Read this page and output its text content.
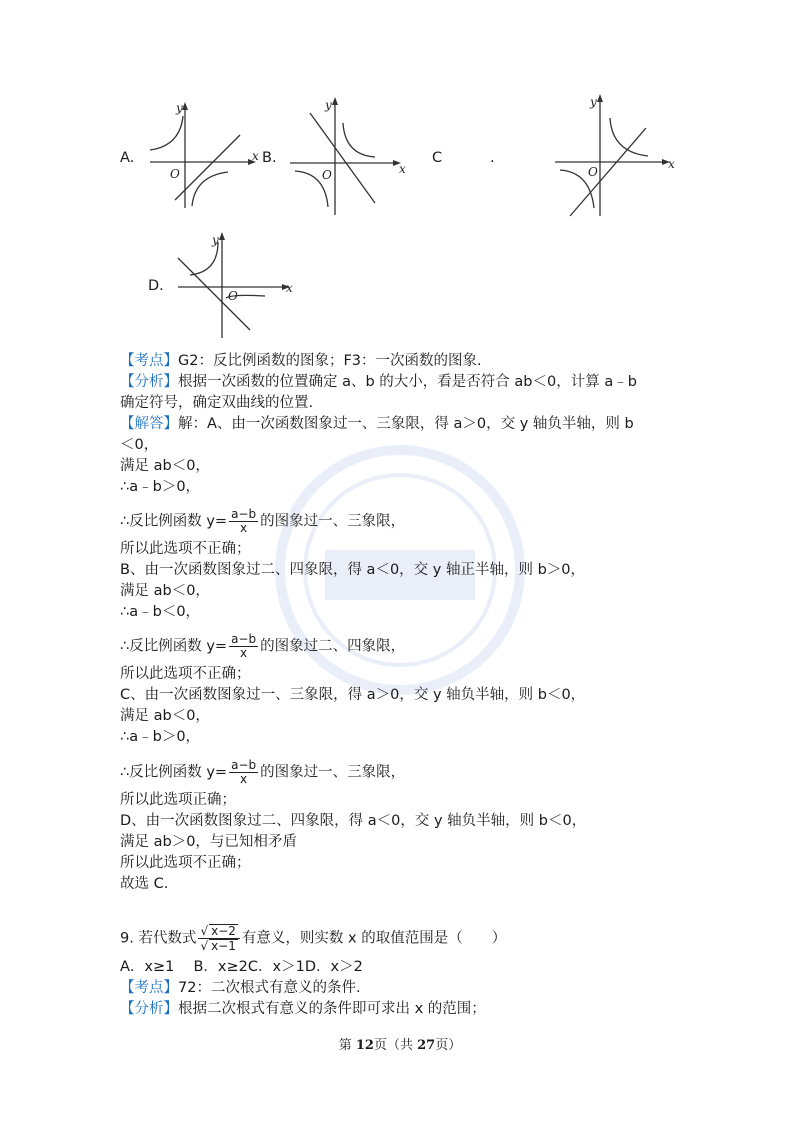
A.
y
x
O
B.
y
x
O
C	.
y
x
O
D.
y
x
O
【考点】G2：反比例函数的图象；F3：一次函数的图象.
【分析】根据一次函数的位置确定 a、b 的大小，看是否符合 ab＜0，计算 a﹣b
确定符号，确定双曲线的位置.
【解答】解：A、由一次函数图象过一、三象限，得 a＞0，交 y 轴负半轴，则 b
＜0，
满足 ab＜0，
∴a﹣b＞0，
∴反比例函数 $y= \frac{a-b}{x}$ 的图象过一、三象限，
所以此选项不正确；
B、由一次函数图象过二、四象限，得 a＜0，交 y 轴正半轴，则 b＞0，
满足 ab＜0，
∴a﹣b＜0，
∴反比例函数 $y= \frac{a-b}{x}$ 的图象过二、四象限，
所以此选项不正确；
C、由一次函数图象过一、三象限，得 a＞0，交 y 轴负半轴，则 b＜0，
满足 ab＜0，
∴a﹣b＞0，
∴反比例函数 $y= \frac{a-b}{x}$ 的图象过一、三象限，
所以此选项正确；
D、由一次函数图象过二、四象限，得 a＜0，交 y 轴负半轴，则 b＜0，
满足 ab＞0，与已知相矛盾
所以此选项不正确；
故选 C.
9. 若代数式 $\frac{√ x-2}{√ x-1}$ 有意义，则实数 x 的取值范围是（　　）
A．x≥1　 B．x≥2C．x＞1D．x＞2
【考点】72：二次根式有意义的条件.
【分析】根据二次根式有意义的条件即可求出 x 的范围；
第 12页（共 27页）
